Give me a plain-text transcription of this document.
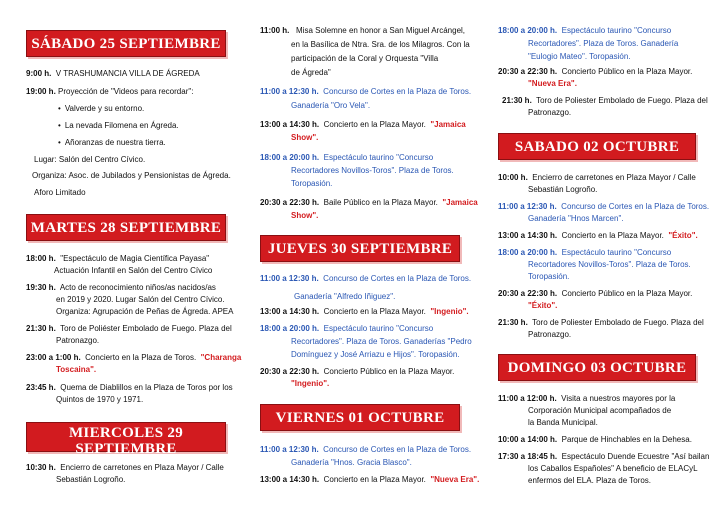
SÁBADO 25 SEPTIEMBRE
9:00 h. V TRASHUMANCIA VILLA DE ÁGREDA
19:00 h. Proyección de "Videos para recordar":
• Valverde y su entorno.
• La nevada Filomena en Ágreda.
• Añoranzas de nuestra tierra.
Lugar: Salón del Centro Cívico.
Organiza: Asoc. de Jubilados y Pensionistas de Ágreda.
Aforo Limitado
MARTES 28 SEPTIEMBRE
18:00 h. "Espectáculo de Magia Científica Payasa"
Actuación Infantil en Salón del Centro Cívico
19:30 h. Acto de reconocimiento niños/as nacidos/as
en 2019 y 2020. Lugar Salón del Centro Cívico.
Organiza: Agrupación de Peñas de Ágreda. APEA
21:30 h. Toro de Poliéster Embolado de Fuego. Plaza del
Patronazgo.
23:00 a 1:00 h. Concierto en la Plaza de Toros. "Charanga
Toscaina".
23:45 h. Quema de Diablillos en la Plaza de Toros por los
Quintos de 1970 y 1971.
MIERCOLES 29 SEPTIEMBRE
FESTIVIDAD DE SAN MIGUEL ARCÁNGEL
10:30 h. Encierro de carretones en Plaza Mayor / Calle
Sebastián Logroño.
11:00 h. Misa Solemne en honor a San Miguel Arcángel,
en la Basílica de Ntra. Sra. de los Milagros. Con la
participación de la Coral y Orquesta "Villa
de Ágreda"
11:00 a 12:30 h. Concurso de Cortes en la Plaza de Toros.
Ganadería "Oro Vela".
13:00 a 14:30 h. Concierto en la Plaza Mayor. "Jamaica
Show".
18:00 a 20:00 h. Espectáculo taurino "Concurso
Recortadores Novillos-Toros". Plaza de Toros.
Toropasión.
20:30 a 22:30 h. Baile Público en la Plaza Mayor. "Jamaica
Show".
JUEVES 30 SEPTIEMBRE
11:00 a 12:30 h. Concurso de Cortes en la Plaza de Toros.
Ganadería "Alfredo Iñiguez".
13:00 a 14:30 h. Concierto en la Plaza Mayor. "Ingenio".
18:00 a 20:00 h. Espectáculo taurino "Concurso
Recortadores". Plaza de Toros. Ganaderías "Pedro
Domínguez y José Arriazu e Hijos". Toropasión.
20:30 a 22:30 h. Concierto Público en la Plaza Mayor.
"Ingenio".
VIERNES 01 OCTUBRE
11:00 a 12:30 h. Concurso de Cortes en la Plaza de Toros.
Ganadería "Hnos. Gracia Blasco".
13:00 a 14:30 h. Concierto en la Plaza Mayor. "Nueva Era".
18:00 a 20:00 h. Espectáculo taurino "Concurso
Recortadores". Plaza de Toros. Ganadería
"Eulogio Mateo". Toropasión.
20:30 a 22:30 h. Concierto Público en la Plaza Mayor.
"Nueva Era".
21:30 h. Toro de Poliester Embolado de Fuego. Plaza del
Patronazgo.
SABADO 02 OCTUBRE
10:00 h. Encierro de carretones en Plaza Mayor / Calle
Sebastián Logroño.
11:00 a 12:30 h. Concurso de Cortes en la Plaza de Toros.
Ganadería "Hnos Marcen".
13:00 a 14:30 h. Concierto en la Plaza Mayor. "Éxito".
18:00 a 20:00 h. Espectáculo taurino "Concurso
Recortadores Novillos-Toros". Plaza de Toros.
Toropasión.
20:30 a 22:30 h. Concierto Público en la Plaza Mayor.
"Éxito".
21:30 h. Toro de Poliester Embolado de Fuego. Plaza del
Patronazgo.
DOMINGO 03 OCTUBRE
11:00 a 12:00 h. Visita a nuestros mayores por la
Corporación Municipal acompañados de
la Banda Municipal.
10:00 a 14:00 h. Parque de Hinchables en la Dehesa.
17:30 a 18:45 h. Espectáculo Duende Ecuestre "Así bailan
los Caballos Españoles" A beneficio de ELACyL
enfermos del ELA. Plaza de Toros.
